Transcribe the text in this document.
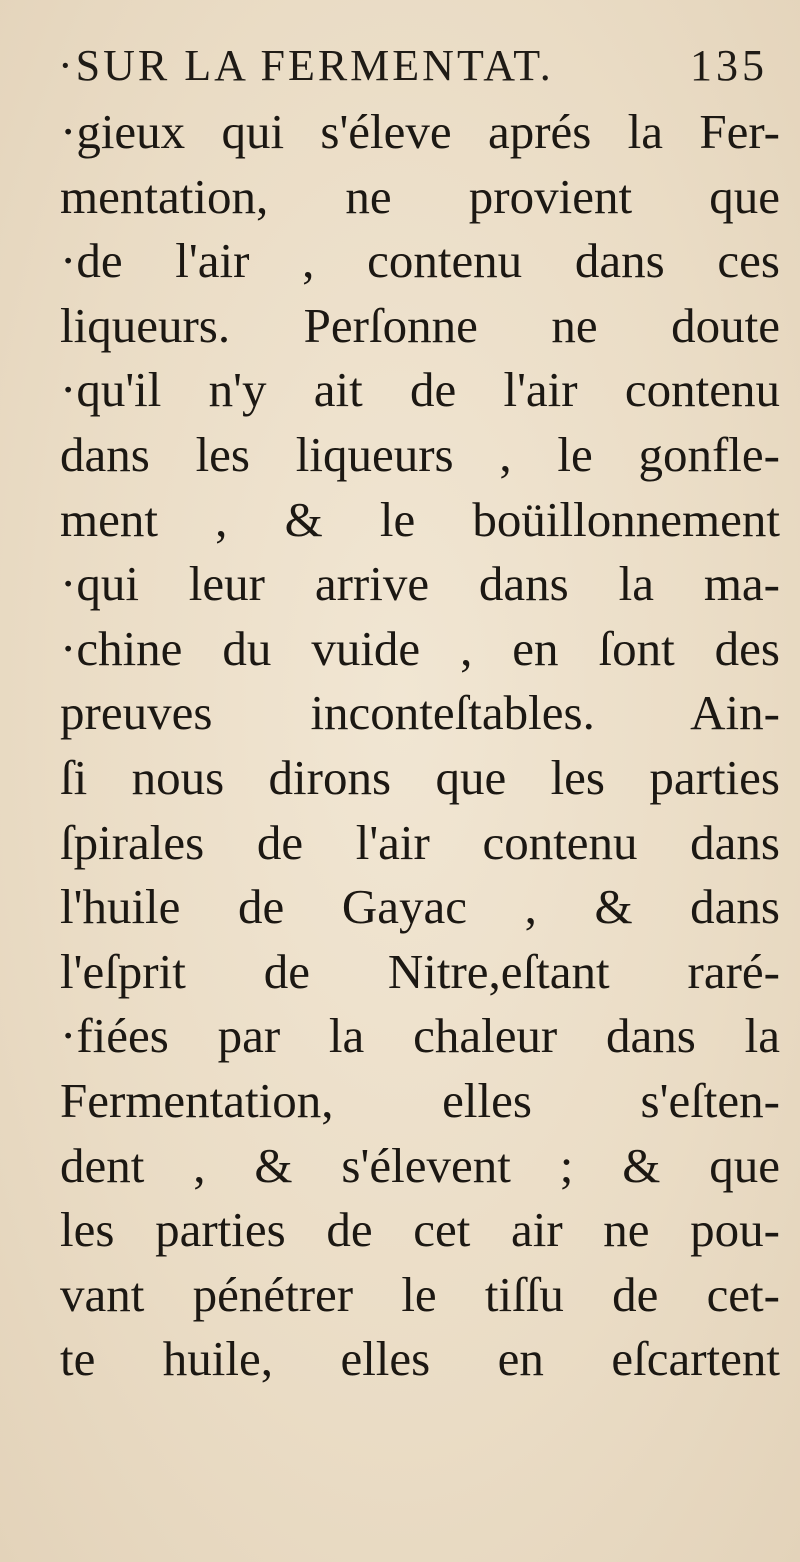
·SUR LA FERMENTAT.	135
·gieux qui s'éleve aprés la Fer-
mentation, ne provient que
·de l'air , contenu dans ces
liqueurs. Perſonne ne doute
·qu'il n'y ait de l'air contenu
dans les liqueurs , le gonfle-
ment , & le boüillonnement
·qui leur arrive dans la ma-
·chine du vuide , en ſont des
preuves inconteſtables. Ain-
ſi nous dirons que les parties
ſpirales de l'air contenu dans
l'huile de Gayac , & dans
l'eſprit de Nitre,eſtant raré-
·fiées par la chaleur dans la
Fermentation, elles s'eſten-
dent , & s'élevent ; & que
les parties de cet air ne pou-
vant pénétrer le tiſſu de cet-
te huile, elles en eſcartent
